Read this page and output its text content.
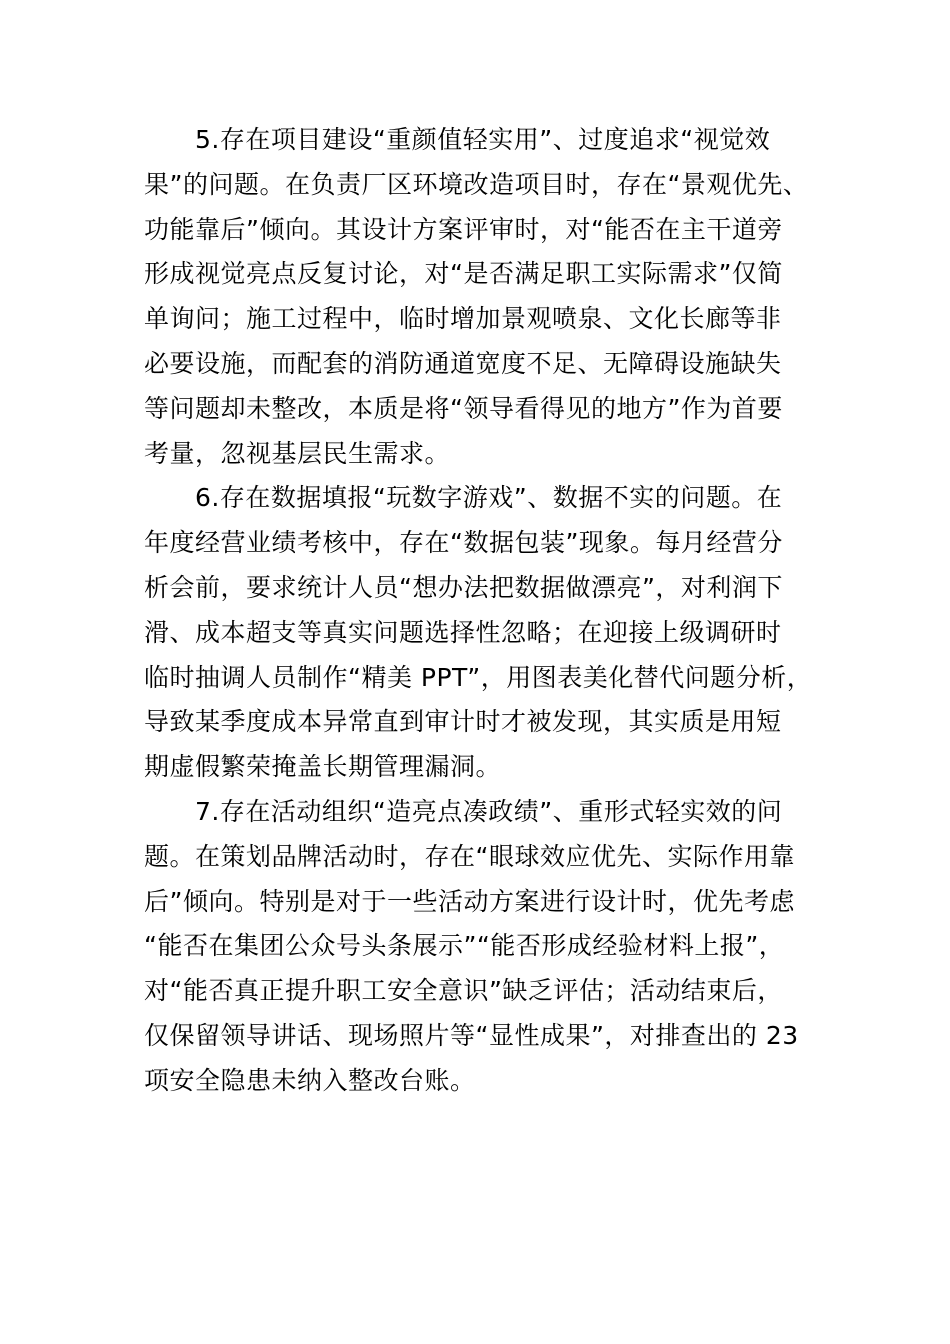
　　5.存在项目建设“重颜值轻实用”、过度追求“视觉效
果”的问题。在负责厂区环境改造项目时，存在“景观优先、
功能靠后”倾向。其设计方案评审时，对“能否在主干道旁
形成视觉亮点反复讨论，对“是否满足职工实际需求”仅简
单询问；施工过程中，临时增加景观喷泉、文化长廊等非
必要设施，而配套的消防通道宽度不足、无障碍设施缺失
等问题却未整改，本质是将“领导看得见的地方”作为首要
考量，忽视基层民生需求。

　　6.存在数据填报“玩数字游戏”、数据不实的问题。在
年度经营业绩考核中，存在“数据包装”现象。每月经营分
析会前，要求统计人员“想办法把数据做漂亮”，对利润下
滑、成本超支等真实问题选择性忽略；在迎接上级调研时
临时抽调人员制作“精美 PPT”，用图表美化替代问题分析，
导致某季度成本异常直到审计时才被发现，其实质是用短
期虚假繁荣掩盖长期管理漏洞。

　　7.存在活动组织“造亮点凑政绩”、重形式轻实效的问
题。在策划品牌活动时，存在“眼球效应优先、实际作用靠
后”倾向。特别是对于一些活动方案进行设计时，优先考虑
“能否在集团公众号头条展示”“能否形成经验材料上报”，
对“能否真正提升职工安全意识”缺乏评估；活动结束后，
仅保留领导讲话、现场照片等“显性成果”，对排查出的 23
项安全隐患未纳入整改台账。
